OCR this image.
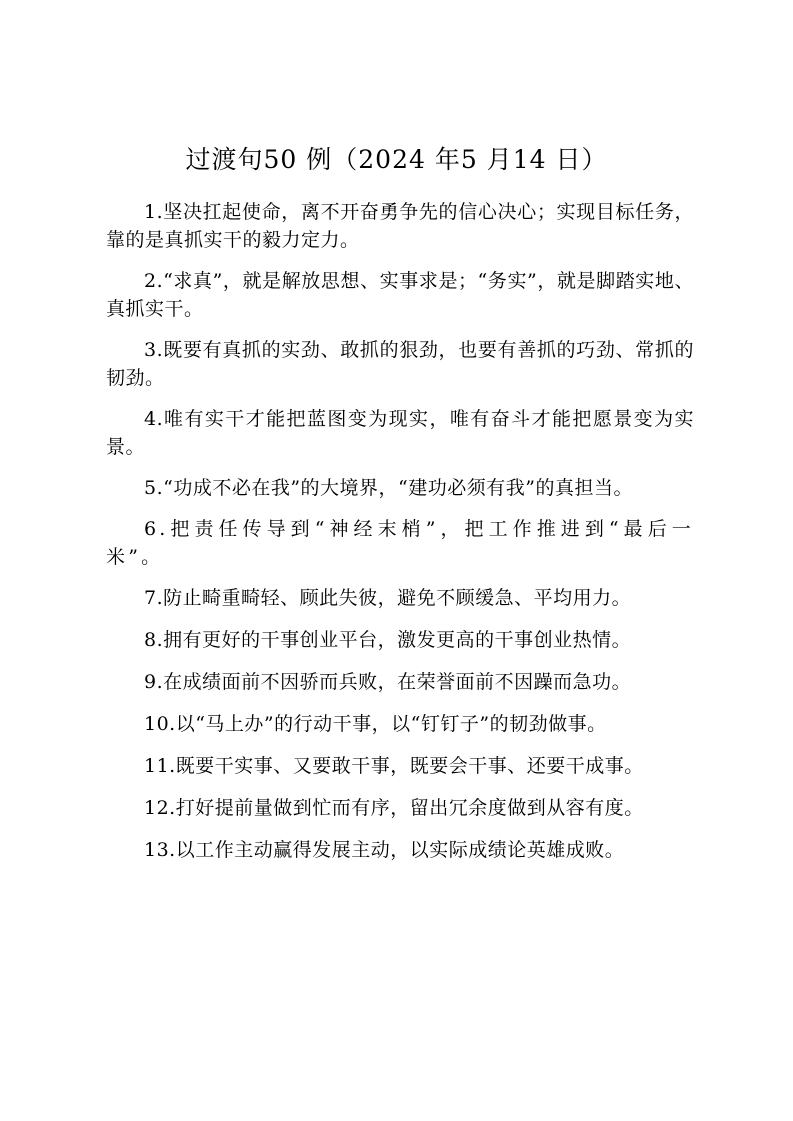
过渡句50 例（2024 年5 月14 日）

1.坚决扛起使命，离不开奋勇争先的信心决心；实现目标任务，靠的是真抓实干的毅力定力。

2.“求真”，就是解放思想、实事求是；“务实”，就是脚踏实地、真抓实干。

3.既要有真抓的实劲、敢抓的狠劲，也要有善抓的巧劲、常抓的韧劲。

4.唯有实干才能把蓝图变为现实，唯有奋斗才能把愿景变为实景。

5.“功成不必在我”的大境界，“建功必须有我”的真担当。

6.把责任传导到“神经末梢”，把工作推进到“最后一米”。

7.防止畸重畸轻、顾此失彼，避免不顾缓急、平均用力。

8.拥有更好的干事创业平台，激发更高的干事创业热情。

9.在成绩面前不因骄而兵败，在荣誉面前不因躁而急功。

10.以“马上办”的行动干事，以“钉钉子”的韧劲做事。

11.既要干实事、又要敢干事，既要会干事、还要干成事。

12.打好提前量做到忙而有序，留出冗余度做到从容有度。

13.以工作主动赢得发展主动，以实际成绩论英雄成败。
